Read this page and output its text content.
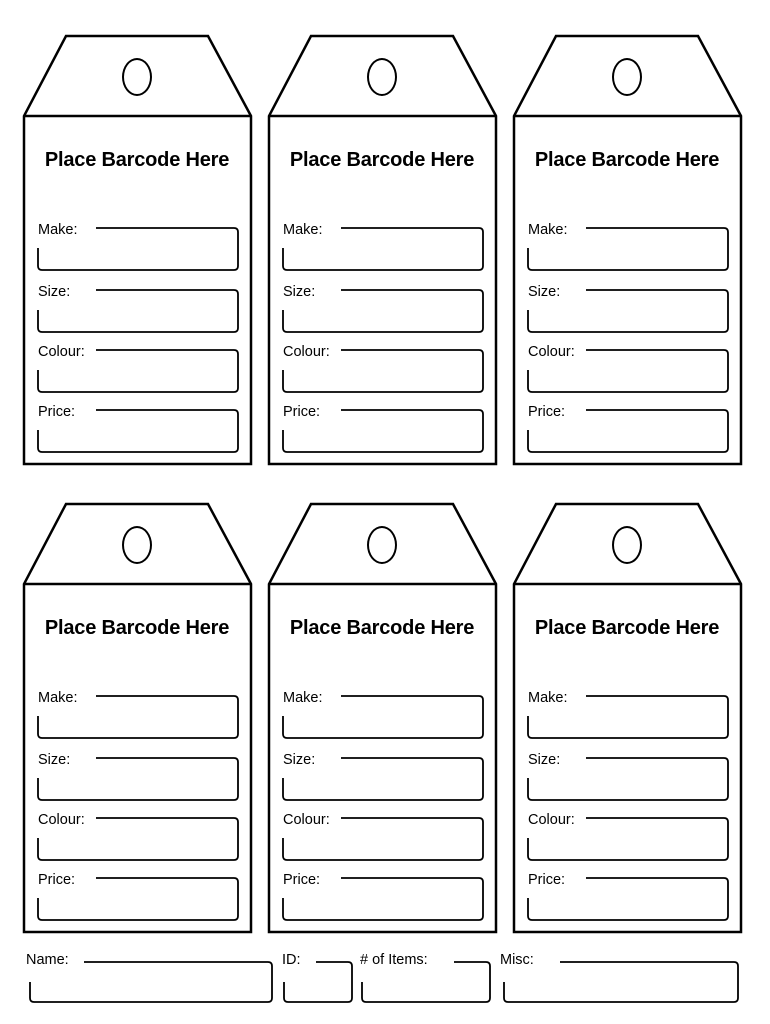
Place Barcode Here
Make:
Size:
Colour:
Price:
Place Barcode Here
Make:
Size:
Colour:
Price:
Place Barcode Here
Make:
Size:
Colour:
Price:
Place Barcode Here
Make:
Size:
Colour:
Price:
Place Barcode Here
Make:
Size:
Colour:
Price:
Place Barcode Here
Make:
Size:
Colour:
Price:
Name:	ID:	# of Items:	Misc:
